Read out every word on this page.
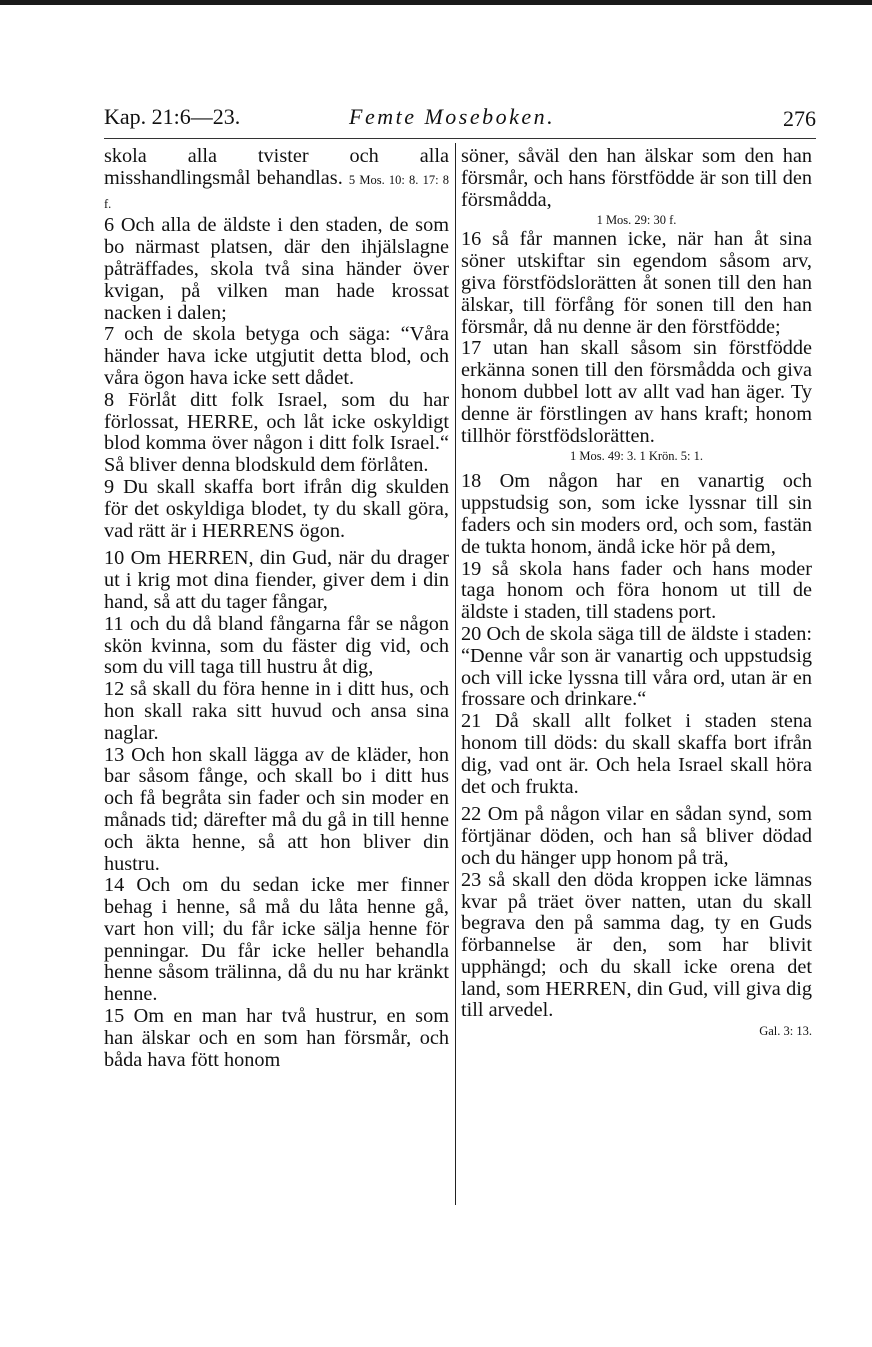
Kap. 21:6—23.	Femte Moseboken.	276

skola alla tvister och alla misshandlingsmål behandlas. 5 Mos. 10: 8. 17: 8 f.

6 Och alla de äldste i den staden, de som bo närmast platsen, där den ihjälslagne påträffades, skola två sina händer över kvigan, på vilken man hade krossat nacken i dalen;

7 och de skola betyga och säga: “Våra händer hava icke utgjutit detta blod, och våra ögon hava icke sett dådet.

8 Förlåt ditt folk Israel, som du har förlossat, HERRE, och låt icke oskyldigt blod komma över någon i ditt folk Israel.“ Så bliver denna blodskuld dem förlåten.

9 Du skall skaffa bort ifrån dig skulden för det oskyldiga blodet, ty du skall göra, vad rätt är i HERRENS ögon.

10 Om HERREN, din Gud, när du drager ut i krig mot dina fiender, giver dem i din hand, så att du tager fångar,

11 och du då bland fångarna får se någon skön kvinna, som du fäster dig vid, och som du vill taga till hustru åt dig,

12 så skall du föra henne in i ditt hus, och hon skall raka sitt huvud och ansa sina naglar.

13 Och hon skall lägga av de kläder, hon bar såsom fånge, och skall bo i ditt hus och få begråta sin fader och sin moder en månads tid; därefter må du gå in till henne och äkta henne, så att hon bliver din hustru.

14 Och om du sedan icke mer finner behag i henne, så må du låta henne gå, vart hon vill; du får icke sälja henne för penningar. Du får icke heller behandla henne såsom trälinna, då du nu har kränkt henne.

15 Om en man har två hustrur, en som han älskar och en som han försmår, och båda hava fött honom

söner, såväl den han älskar som den han försmår, och hans förstfödde är son till den försmådda,

1 Mos. 29: 30 f.

16 så får mannen icke, när han åt sina söner utskiftar sin egendom såsom arv, giva förstfödslorätten åt sonen till den han älskar, till förfång för sonen till den han försmår, då nu denne är den förstfödde;

17 utan han skall såsom sin förstfödde erkänna sonen till den försmådda och giva honom dubbel lott av allt vad han äger. Ty denne är förstlingen av hans kraft; honom tillhör förstfödslorätten.

1 Mos. 49: 3. 1 Krön. 5: 1.

18 Om någon har en vanartig och uppstudsig son, som icke lyssnar till sin faders och sin moders ord, och som, fastän de tukta honom, ändå icke hör på dem,

19 så skola hans fader och hans moder taga honom och föra honom ut till de äldste i staden, till stadens port.

20 Och de skola säga till de äldste i staden: “Denne vår son är vanartig och uppstudsig och vill icke lyssna till våra ord, utan är en frossare och drinkare.“

21 Då skall allt folket i staden stena honom till döds: du skall skaffa bort ifrån dig, vad ont är. Och hela Israel skall höra det och frukta.

22 Om på någon vilar en sådan synd, som förtjänar döden, och han så bliver dödad och du hänger upp honom på trä,

23 så skall den döda kroppen icke lämnas kvar på träet över natten, utan du skall begrava den på samma dag, ty en Guds förbannelse är den, som har blivit upphängd; och du skall icke orena det land, som HERREN, din Gud, vill giva dig till arvedel.

Gal. 3: 13.
